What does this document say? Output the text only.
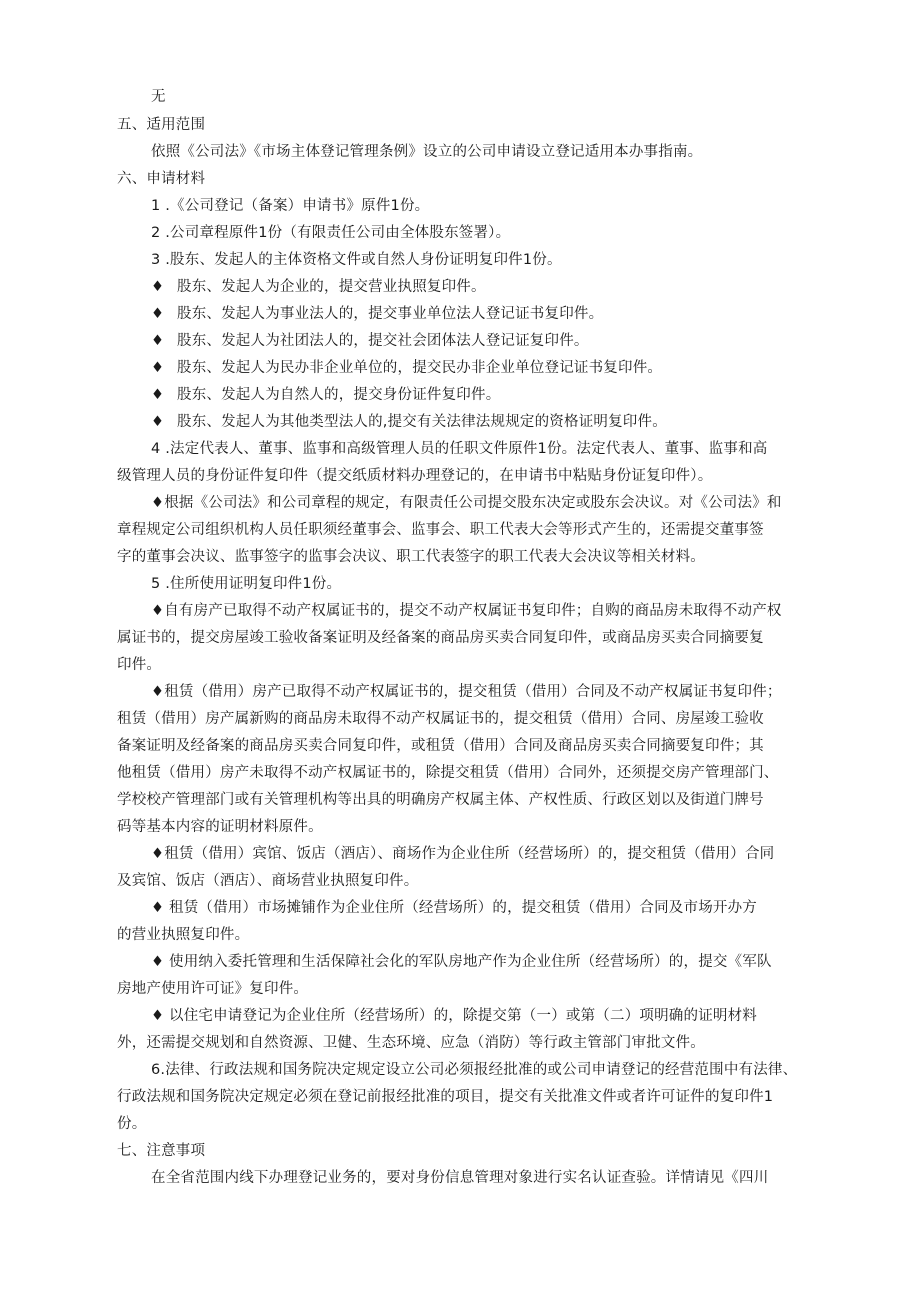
无
五、适用范围
依照《公司法》《市场主体登记管理条例》设立的公司申请设立登记适用本办事指南。
六、申请材料
1 .《公司登记（备案）申请书》原件1份。
2 .公司章程原件1份（有限责任公司由全体股东签署）。
3 .股东、发起人的主体资格文件或自然人身份证明复印件1份。
♦ 股东、发起人为企业的，提交营业执照复印件。
♦ 股东、发起人为事业法人的，提交事业单位法人登记证书复印件。
♦ 股东、发起人为社团法人的，提交社会团体法人登记证复印件。
♦ 股东、发起人为民办非企业单位的，提交民办非企业单位登记证书复印件。
♦ 股东、发起人为自然人的，提交身份证件复印件。
♦ 股东、发起人为其他类型法人的,提交有关法律法规规定的资格证明复印件。
4 .法定代表人、董事、监事和高级管理人员的任职文件原件1份。法定代表人、董事、监事和高
级管理人员的身份证件复印件（提交纸质材料办理登记的，在申请书中粘贴身份证复印件）。
♦根据《公司法》和公司章程的规定，有限责任公司提交股东决定或股东会决议。对《公司法》和
章程规定公司组织机构人员任职须经董事会、监事会、职工代表大会等形式产生的，还需提交董事签
字的董事会决议、监事签字的监事会决议、职工代表签字的职工代表大会决议等相关材料。
5 .住所使用证明复印件1份。
♦自有房产已取得不动产权属证书的，提交不动产权属证书复印件；自购的商品房未取得不动产权
属证书的，提交房屋竣工验收备案证明及经备案的商品房买卖合同复印件，或商品房买卖合同摘要复
印件。
♦租赁（借用）房产已取得不动产权属证书的，提交租赁（借用）合同及不动产权属证书复印件；
租赁（借用）房产属新购的商品房未取得不动产权属证书的，提交租赁（借用）合同、房屋竣工验收
备案证明及经备案的商品房买卖合同复印件，或租赁（借用）合同及商品房买卖合同摘要复印件；其
他租赁（借用）房产未取得不动产权属证书的，除提交租赁（借用）合同外，还须提交房产管理部门、
学校校产管理部门或有关管理机构等出具的明确房产权属主体、产权性质、行政区划以及街道门牌号
码等基本内容的证明材料原件。
♦租赁（借用）宾馆、饭店（酒店）、商场作为企业住所（经营场所）的，提交租赁（借用）合同
及宾馆、饭店（酒店）、商场营业执照复印件。
♦ 租赁（借用）市场摊铺作为企业住所（经营场所）的，提交租赁（借用）合同及市场开办方
的营业执照复印件。
♦ 使用纳入委托管理和生活保障社会化的军队房地产作为企业住所（经营场所）的，提交《军队
房地产使用许可证》复印件。
♦ 以住宅申请登记为企业住所（经营场所）的，除提交第（一）或第（二）项明确的证明材料
外，还需提交规划和自然资源、卫健、生态环境、应急（消防）等行政主管部门审批文件。
6.法律、行政法规和国务院决定规定设立公司必须报经批准的或公司申请登记的经营范围中有法律、
行政法规和国务院决定规定必须在登记前报经批准的项目，提交有关批准文件或者许可证件的复印件1
份。
七、注意事项
在全省范围内线下办理登记业务的，要对身份信息管理对象进行实名认证查验。详情请见《四川
